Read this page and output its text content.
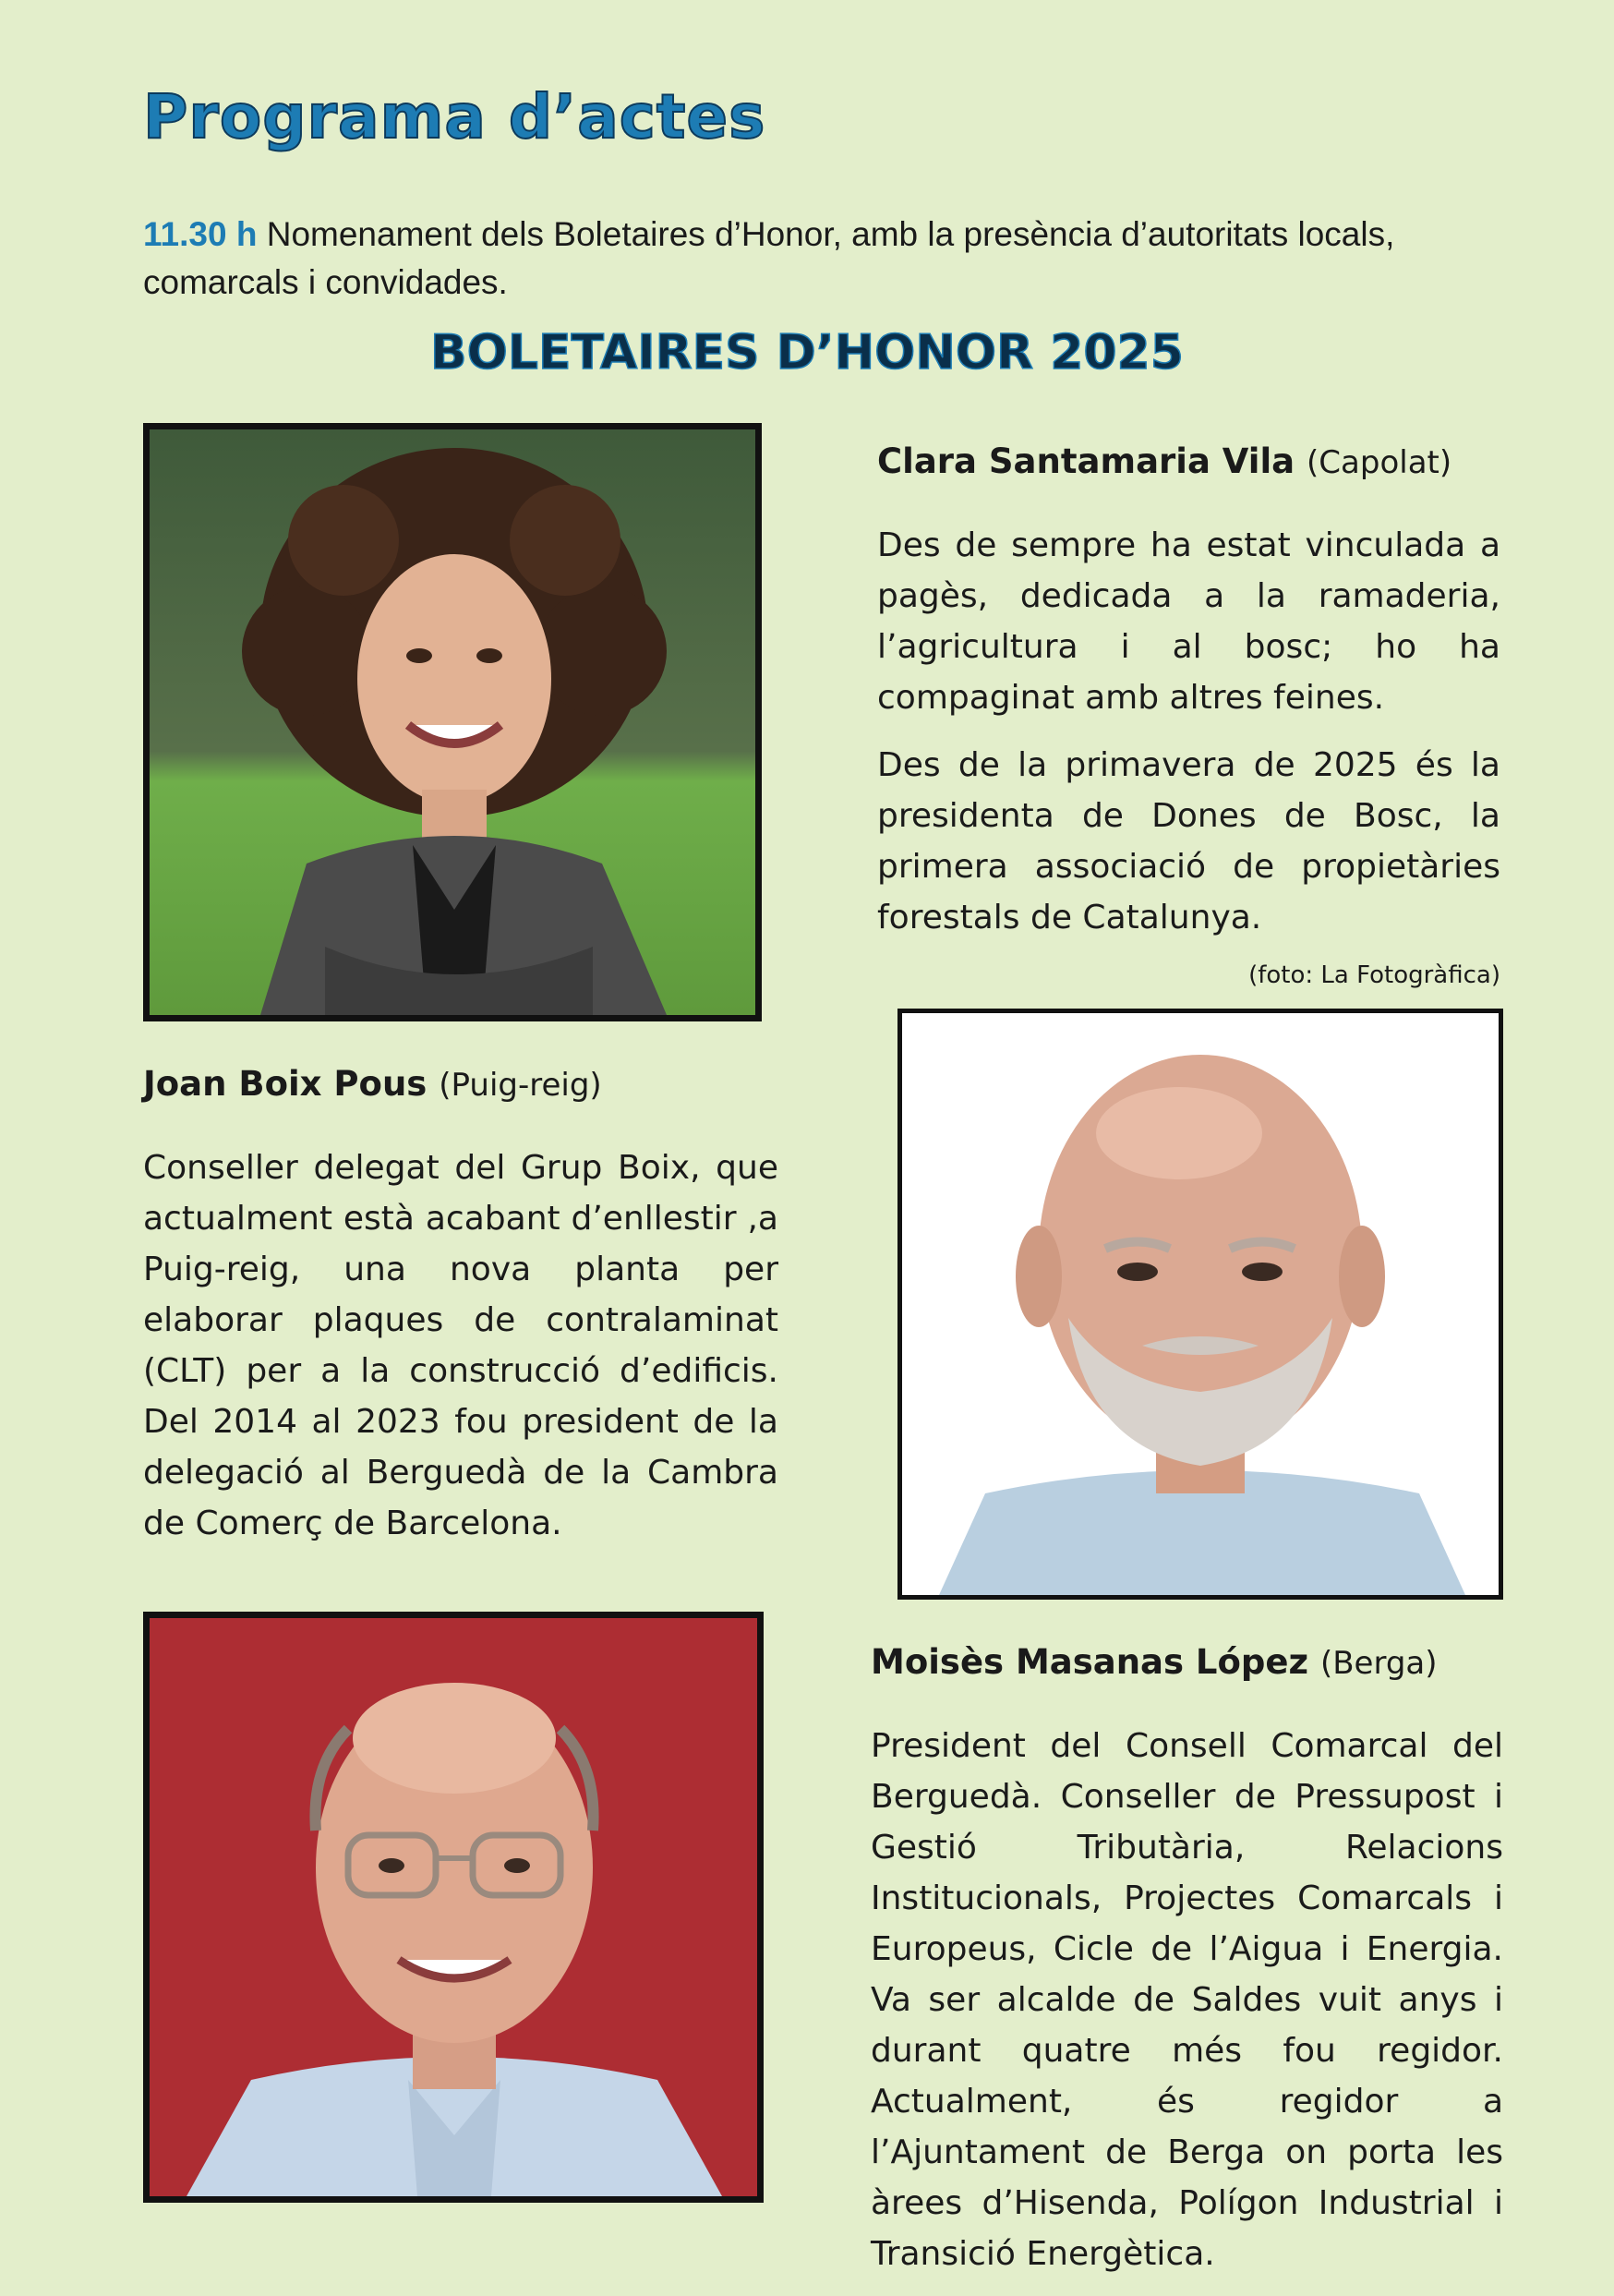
Programa d’actes
11.30 h Nomenament dels Boletaires d’Honor, amb la presència d’autoritats locals, comarcals i convidades.
BOLETAIRES D’HONOR 2025
Clara Santamaria Vila (Capolat)

Des de sempre ha estat vinculada a pagès, dedicada a la ramaderia, l’agricultura i al bosc; ho ha compaginat amb altres feines.

Des de la primavera de 2025 és la presidenta de Dones de Bosc, la primera associació de propietàries forestals de Catalunya.
(foto: La Fotogràfica)

Joan Boix Pous (Puig-reig)

Conseller delegat del Grup Boix, que actualment està acabant d’enllestir ,a Puig-reig, una nova planta per elaborar plaques de contralaminat (CLT) per a la construcció d’edificis. Del 2014 al 2023 fou president de la delegació al Berguedà de la Cambra de Comerç de Barcelona.

Moisès Masanas López (Berga)

President del Consell Comarcal del Berguedà. Conseller de Pressupost i Gestió Tributària, Relacions Institucionals, Projectes Comarcals i Europeus, Cicle de l’Aigua i Energia. Va ser alcalde de Saldes vuit anys i durant quatre més fou regidor. Actualment, és regidor a l’Ajuntament de Berga on porta les àrees d’Hisenda, Polígon Industrial i Transició Energètica.
